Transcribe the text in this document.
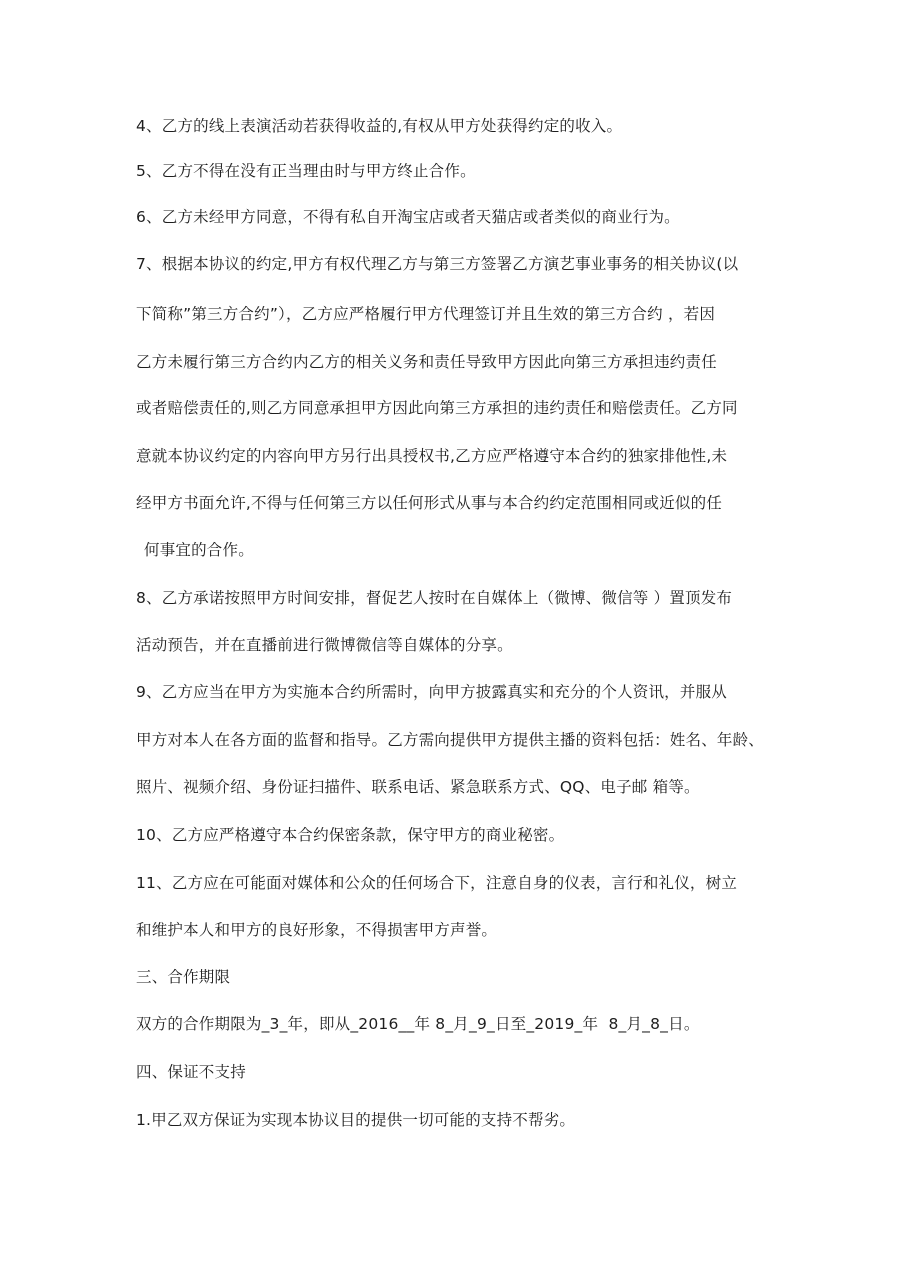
4、乙方的线上表演活动若获得收益的,有权从甲方处获得约定的收入。

5、乙方不得在没有正当理由时与甲方终止合作。

6、乙方未经甲方同意，不得有私自开淘宝店或者天猫店或者类似的商业行为。

7、根据本协议的约定,甲方有权代理乙方与第三方签署乙方演艺事业事务的相关协议(以

下简称”第三方合约”），乙方应严格履行甲方代理签订并且生效的第三方合约 ，若因

乙方未履行第三方合约内乙方的相关义务和责任导致甲方因此向第三方承担违约责任

或者赔偿责任的,则乙方同意承担甲方因此向第三方承担的违约责任和赔偿责任。乙方同

意就本协议约定的内容向甲方另行出具授权书,乙方应严格遵守本合约的独家排他性,未

经甲方书面允许,不得与任何第三方以任何形式从事与本合约约定范围相同或近似的任

何事宜的合作。

8、乙方承诺按照甲方时间安排，督促艺人按时在自媒体上（微博、微信等 ）置顶发布

活动预告，并在直播前进行微博微信等自媒体的分享。

9、乙方应当在甲方为实施本合约所需时，向甲方披露真实和充分的个人资讯，并服从

甲方对本人在各方面的监督和指导。乙方需向提供甲方提供主播的资料包括：姓名、年龄、

照片、视频介绍、身份证扫描件、联系电话、紧急联系方式、QQ、电子邮 箱等。

10、乙方应严格遵守本合约保密条款，保守甲方的商业秘密。

11、乙方应在可能面对媒体和公众的任何场合下，注意自身的仪表，言行和礼仪，树立

和维护本人和甲方的良好形象，不得损害甲方声誉。

三、合作期限

双方的合作期限为_3_年，即从_2016__年 8_月_9_日至_2019_年  8_月_8_日。

四、保证不支持

1.甲乙双方保证为实现本协议目的提供一切可能的支持不帮劣。
